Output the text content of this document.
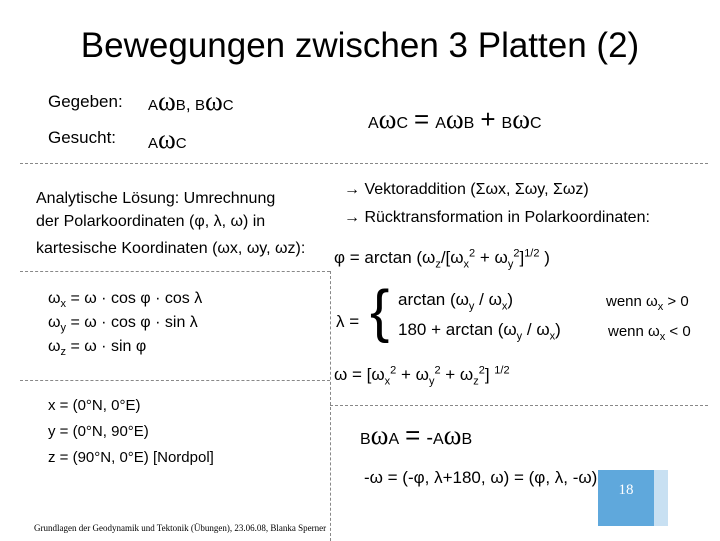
Bewegungen zwischen 3 Platten (2)
Gegeben: AωB, BωC
Gesucht: AωC
AωC = AωB + BωC
Analytische Lösung: Umrechnung
der Polarkoordinaten (φ, λ, ω) in
kartesische Koordinaten (ωx, ωy, ωz):
→ Vektoraddition (Σωx, Σωy, Σωz)
→ Rücktransformation in Polarkoordinaten:
$\varphi = \arctan (\omega_z/[\omega_x^2 + \omega_y^2]^{1/2}$ )
$\omega_x = \omega \cdot \cos \varphi \cdot \cos \lambda$
$\omega_y = \omega \cdot \cos \varphi \cdot \sin \lambda$
$\omega_z = \omega \cdot \sin \varphi$
λ = { $\arctan (\omega_y / \omega_x)$	wenn $\omega_x > 0$
$180 + \arctan (\omega_y / \omega_x)$	wenn $\omega_x < 0$
$\omega = [\omega_x^2 + \omega_y^2 + \omega_z^2]$ $^{1/2}$
x = (0°N, 0°E)
y = (0°N, 90°E)
z = (90°N, 0°E) [Nordpol]
BωA = -AωB
-ω = (-φ, λ+180, ω) = (φ, λ, -ω)
Grundlagen der Geodynamik und Tektonik (Übungen), 23.06.08, Blanka Sperner
18
